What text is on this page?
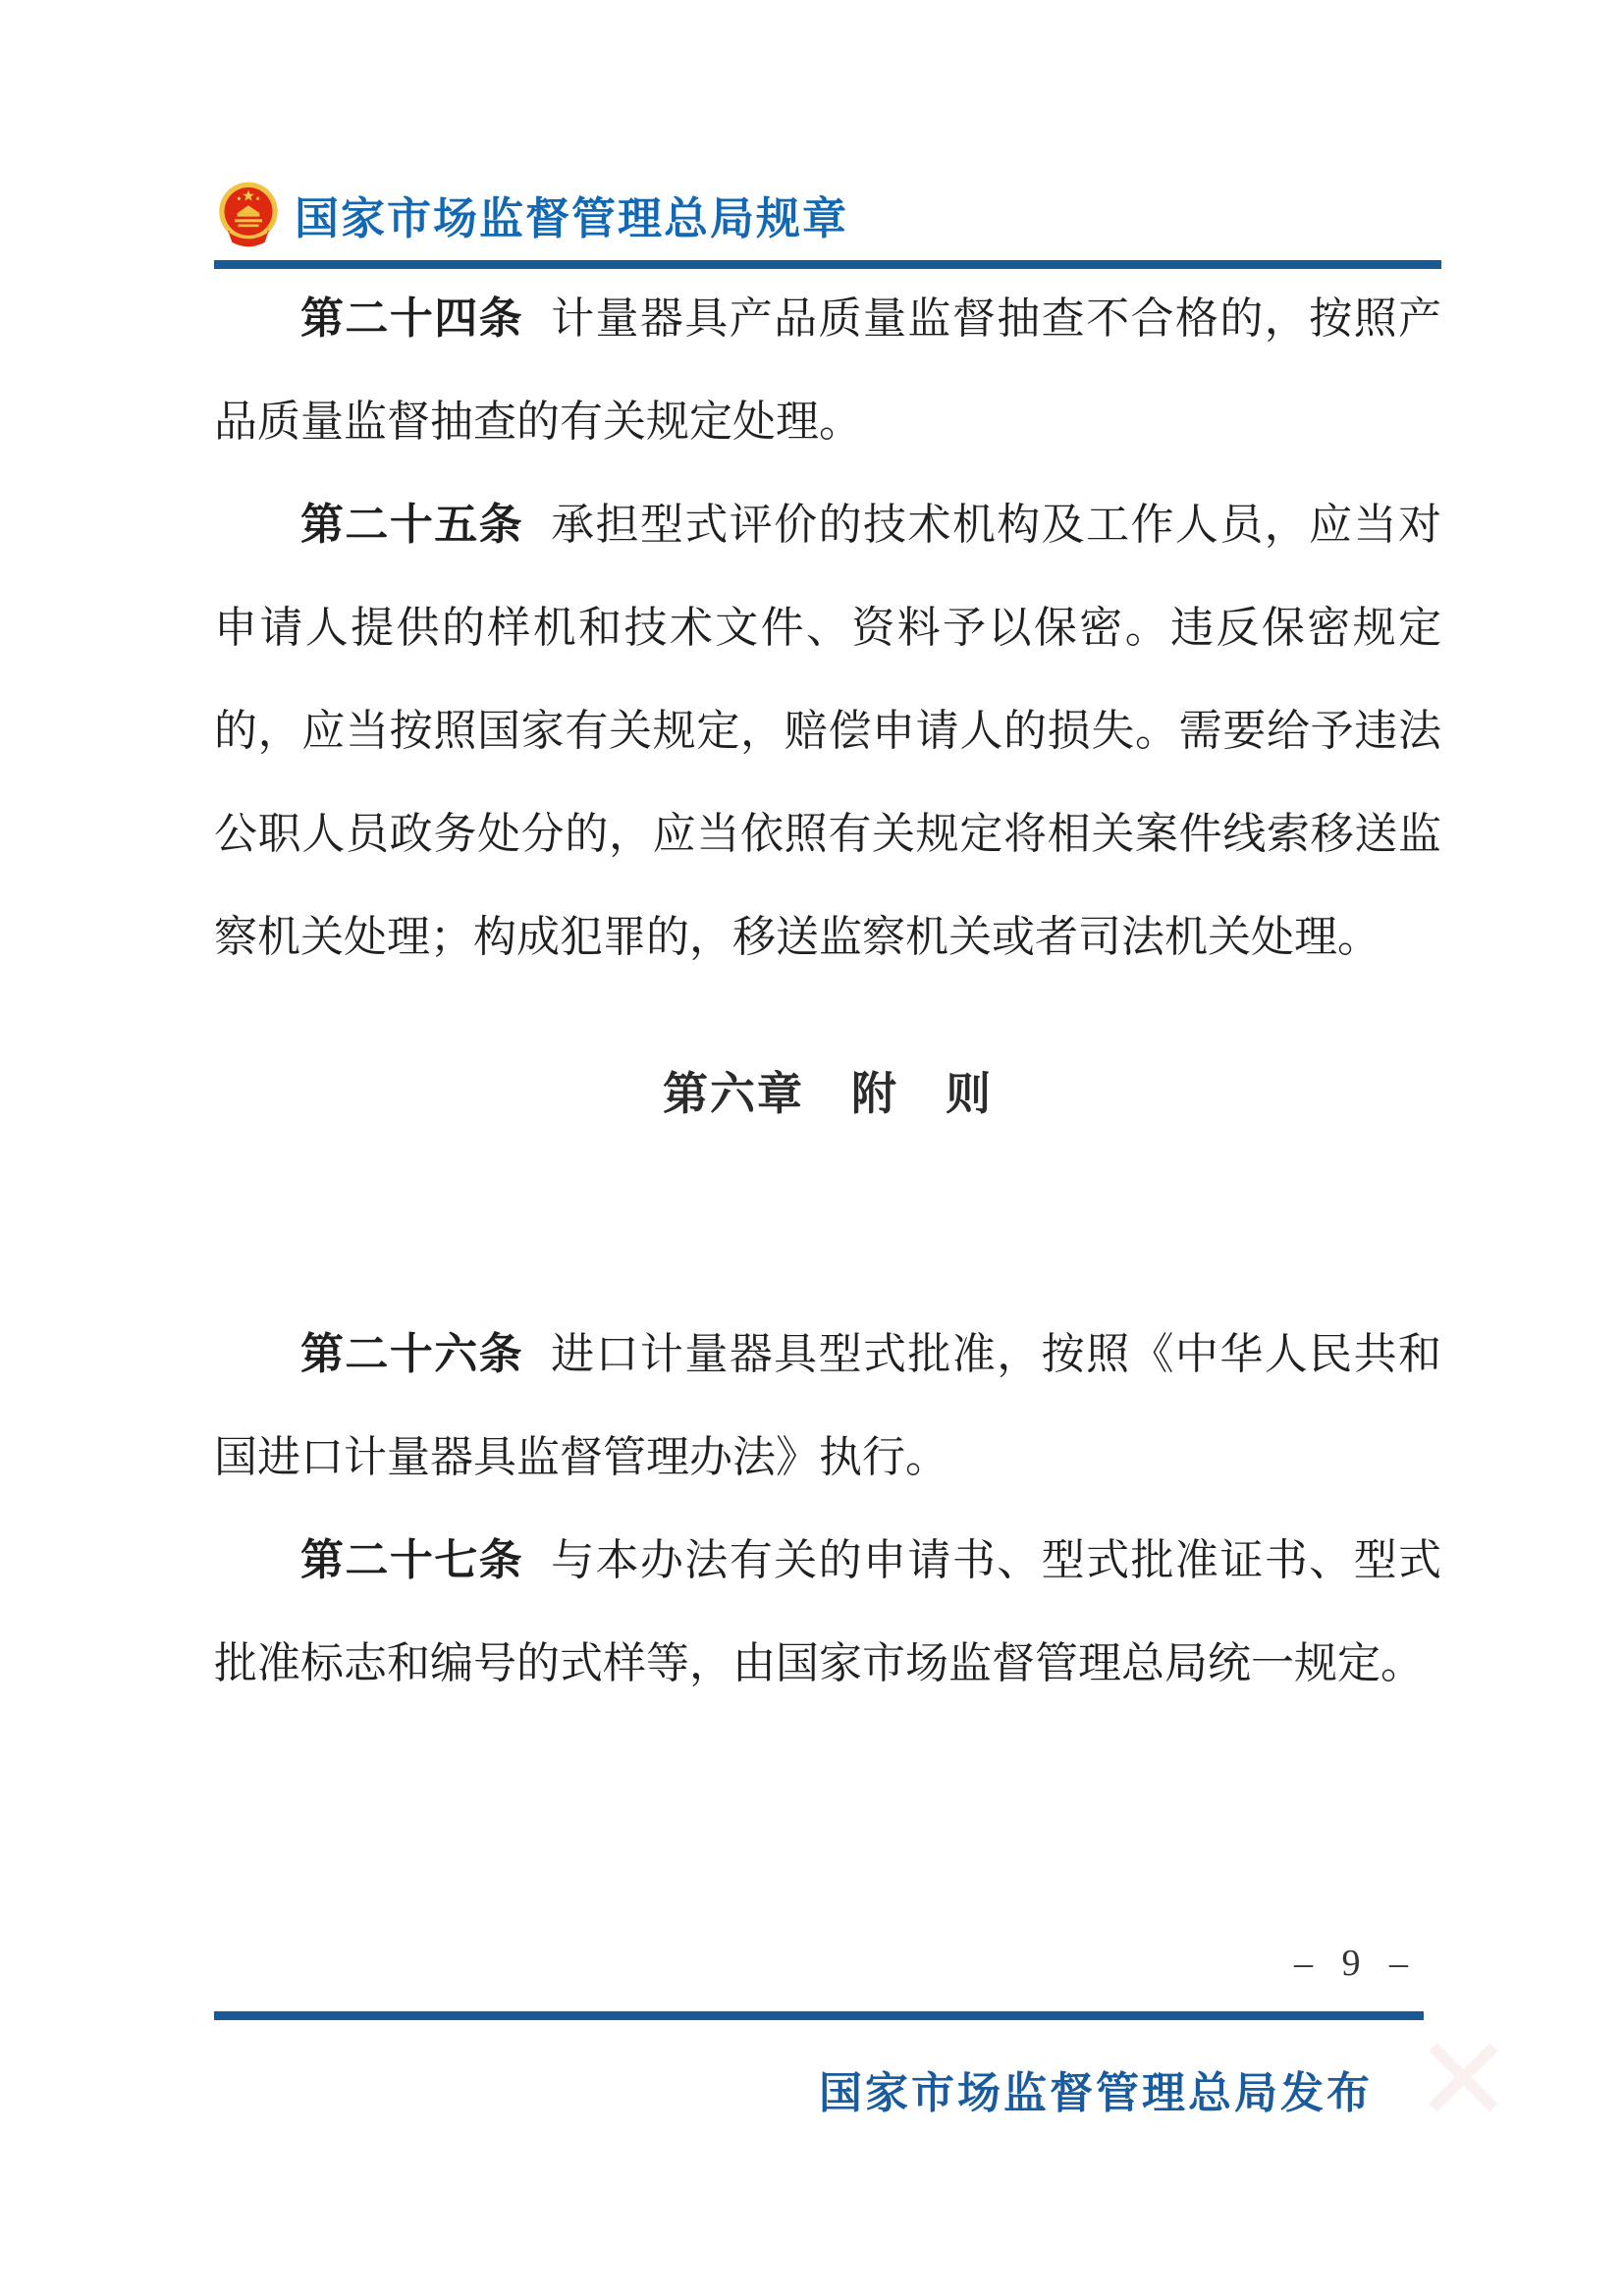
国家市场监督管理总局规章

第二十四条 计量器具产品质量监督抽查不合格的，按照产品质量监督抽查的有关规定处理。

第二十五条 承担型式评价的技术机构及工作人员，应当对申请人提供的样机和技术文件、资料予以保密。违反保密规定的，应当按照国家有关规定，赔偿申请人的损失。需要给予违法公职人员政务处分的，应当依照有关规定将相关案件线索移送监察机关处理；构成犯罪的，移送监察机关或者司法机关处理。

第六章　附　则

第二十六条 进口计量器具型式批准，按照《中华人民共和国进口计量器具监督管理办法》执行。

第二十七条 与本办法有关的申请书、型式批准证书、型式批准标志和编号的式样等，由国家市场监督管理总局统一规定。

– 9 –
国家市场监督管理总局发布 ✕
